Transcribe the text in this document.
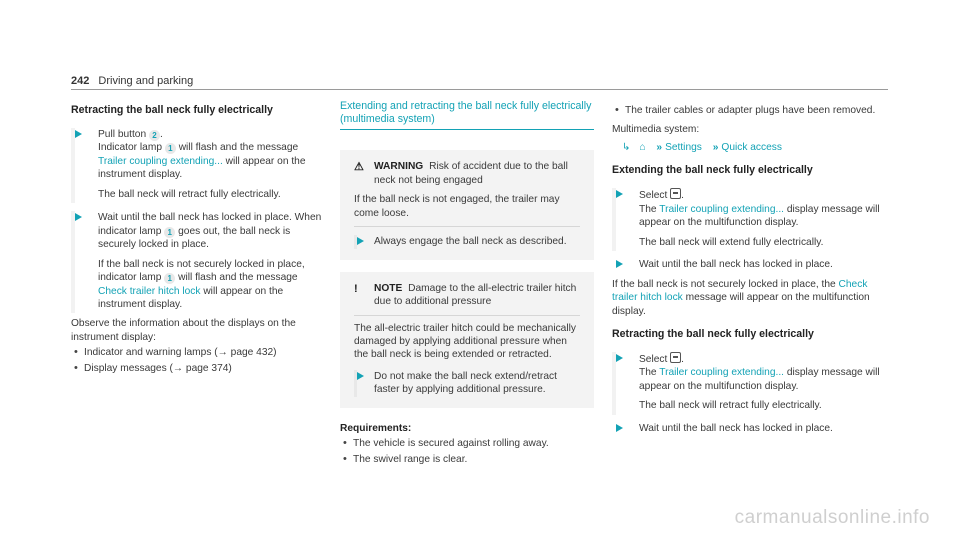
242 Driving and parking
Retracting the ball neck fully electrically

Pull button 2 .
Indicator lamp 1 will flash and the message Trailer coupling extending... will appear on the instrument display.

The ball neck will retract fully electrically.

Wait until the ball neck has locked in place. When indicator lamp 1 goes out, the ball neck is securely locked in place.

If the ball neck is not securely locked in place, indicator lamp 1 will flash and the message Check trailer hitch lock will appear on the instrument display.

Observe the information about the displays on the instrument display:

• Indicator and warning lamps (→ page 432)
• Display messages (→ page 374)
Extending and retracting the ball neck fully electrically (multimedia system)
⚠ WARNING Risk of accident due to the ball neck not being engaged

If the ball neck is not engaged, the trailer may come loose.

Always engage the ball neck as described.

!	NOTE Damage to the all-electric trailer hitch due to additional pressure

The all-electric trailer hitch could be mechanically damaged by applying additional pressure when the ball neck is being extended or retracted.

Do not make the ball neck extend/retract faster by applying additional pressure.

Requirements:

• The vehicle is secured against rolling away.
• The swivel range is clear.
• The trailer cables or adapter plugs have been removed.

Multimedia system:

↳ ⌂ » Settings » Quick access
Extending the ball neck fully electrically

Select .
The Trailer coupling extending... display message will appear on the multifunction display.

The ball neck will extend fully electrically.

Wait until the ball neck has locked in place.

If the ball neck is not securely locked in place, the Check trailer hitch lock message will appear on the multifunction display.

Retracting the ball neck fully electrically

Select .
The Trailer coupling extending... display message will appear on the multifunction display.

The ball neck will retract fully electrically.

Wait until the ball neck has locked in place.

carmanualsonline.info
